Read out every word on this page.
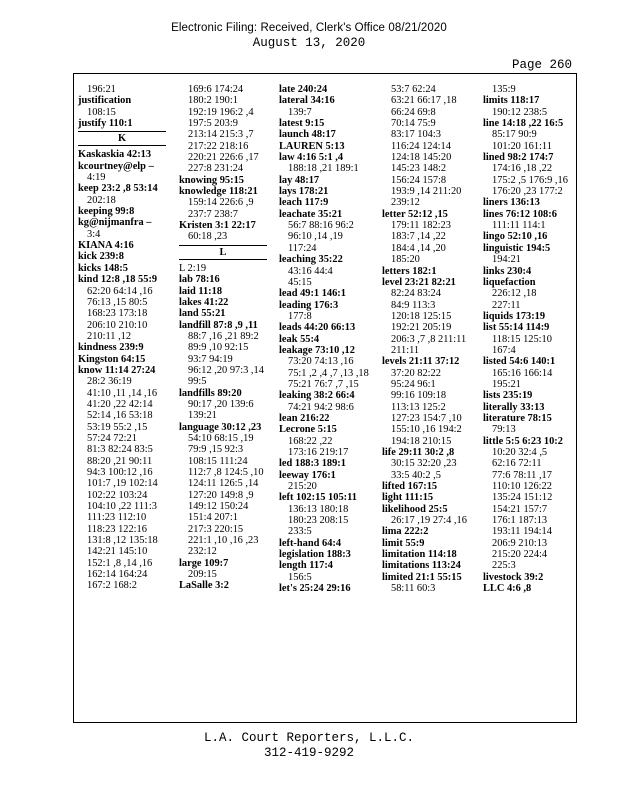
Electronic Filing: Received, Clerk's Office 08/21/2020
August 13, 2020
Page 260
196:21
justification
108:15
justify 110:1
K
Kaskaskia 42:13
kcourtney@elp –
4:19
keep 23:2 ,8 53:14
202:18
keeping 99:8
kg@nijmanfra –
3:4
KIANA 4:16
kick 239:8
kicks 148:5
kind 12:8 ,18 55:9
62:20 64:14 ,16
76:13 ,15 80:5
168:23 173:18
206:10 210:10
210:11 ,12
kindness 239:9
Kingston 64:15
know 11:14 27:24
28:2 36:19
41:10 ,11 ,14 ,16
41:20 ,22 42:14
52:14 ,16 53:18
53:19 55:2 ,15
57:24 72:21
81:3 82:24 83:5
88:20 ,21 90:11
94:3 100:12 ,16
101:7 ,19 102:14
102:22 103:24
104:10 ,22 111:3
111:23 112:10
118:23 122:16
131:8 ,12 135:18
142:21 145:10
152:1 ,8 ,14 ,16
162:14 164:24
167:2 168:2
169:6 174:24
180:2 190:1
192:19 196:2 ,4
197:5 203:9
213:14 215:3 ,7
217:22 218:16
220:21 226:6 ,17
227:8 231:24
knowing 95:15
knowledge 118:21
159:14 226:6 ,9
237:7 238:7
Kristen 3:1 22:17
60:18 ,23
L
L 2:19
lab 78:16
laid 11:18
lakes 41:22
land 55:21
landfill 87:8 ,9 ,11
88:7 ,16 ,21 89:2
89:9 ,10 92:15
93:7 94:19
96:12 ,20 97:3 ,14
99:5
landfills 89:20
90:17 ,20 139:6
139:21
language 30:12 ,23
54:10 68:15 ,19
79:9 ,15 92:3
108:15 111:24
112:7 ,8 124:5 ,10
124:11 126:5 ,14
127:20 149:8 ,9
149:12 150:24
151:4 207:1
217:3 220:15
221:1 ,10 ,16 ,23
232:12
large 109:7
209:15
LaSalle 3:2
late 240:24
lateral 34:16
139:7
latest 9:15
launch 48:17
LAUREN 5:13
law 4:16 5:1 ,4
188:18 ,21 189:1
lay 48:17
lays 178:21
leach 117:9
leachate 35:21
56:7 88:16 96:2
96:10 ,14 ,19
117:24
leaching 35:22
43:16 44:4
45:15
lead 49:1 146:1
leading 176:3
177:8
leads 44:20 66:13
leak 55:4
leakage 73:10 ,12
73:20 74:13 ,16
75:1 ,2 ,4 ,7 ,13 ,18
75:21 76:7 ,7 ,15
leaking 38:2 66:4
74:21 94:2 98:6
lean 216:22
Lecrone 5:15
168:22 ,22
173:16 219:17
led 188:3 189:1
leeway 176:1
215:20
left 102:15 105:11
136:13 180:18
180:23 208:15
233:5
left-hand 64:4
legislation 188:3
length 117:4
156:5
let's 25:24 29:16
53:7 62:24
63:21 66:17 ,18
66:24 69:8
70:14 75:9
83:17 104:3
116:24 124:14
124:18 145:20
145:23 148:2
156:24 157:8
193:9 ,14 211:20
239:12
letter 52:12 ,15
179:11 182:23
183:7 ,14 ,22
184:4 ,14 ,20
185:20
letters 182:1
level 23:21 82:21
82:24 83:24
84:9 113:3
120:18 125:15
192:21 205:19
206:3 ,7 ,8 211:11
211:11
levels 21:11 37:12
37:20 82:22
95:24 96:1
99:16 109:18
113:13 125:2
127:23 154:7 ,10
155:10 ,16 194:2
194:18 210:15
life 29:11 30:2 ,8
30:15 32:20 ,23
33:5 40:2 ,5
lifted 167:15
light 111:15
likelihood 25:5
26:17 ,19 27:4 ,16
lima 222:2
limit 55:9
limitation 114:18
limitations 113:24
limited 21:1 55:15
58:11 60:3
135:9
limits 118:17
190:12 238:5
line 14:18 ,22 16:5
85:17 90:9
101:20 161:11
lined 98:2 174:7
174:16 ,18 ,22
175:2 ,5 176:9 ,16
176:20 ,23 177:2
liners 136:13
lines 76:12 108:6
111:11 114:1
lingo 52:10 ,16
linguistic 194:5
194:21
links 230:4
liquefaction
226:12 ,18
227:11
liquids 173:19
list 55:14 114:9
118:15 125:10
167:4
listed 54:6 140:1
165:16 166:14
195:21
lists 235:19
literally 33:13
literature 78:15
79:13
little 5:5 6:23 10:2
10:20 32:4 ,5
62:16 72:11
77:6 78:11 ,17
110:10 126:22
135:24 151:12
154:21 157:7
176:1 187:13
193:11 194:14
206:9 210:13
215:20 224:4
225:3
livestock 39:2
LLC 4:6 ,8
L.A. Court Reporters, L.L.C.
312-419-9292
